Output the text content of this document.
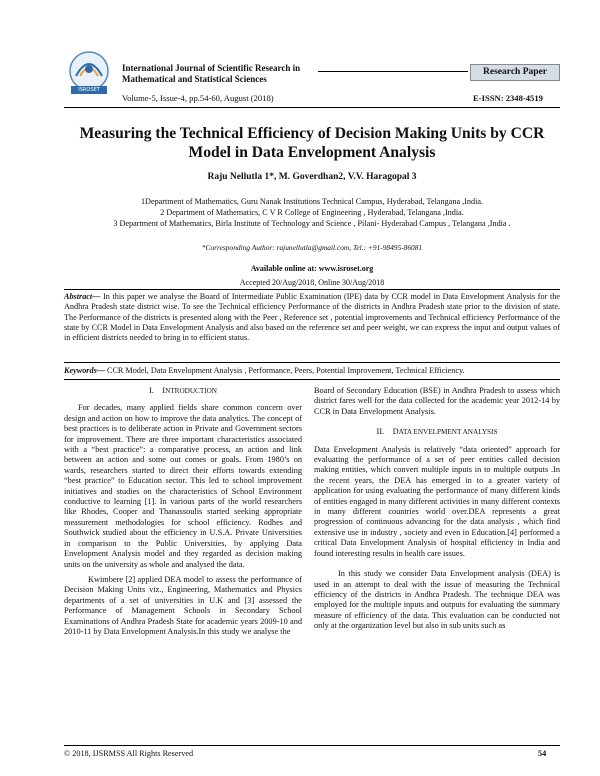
ISROSET
International Journal of Scientific Research in
Mathematical and Statistical Sciences
Research Paper
Volume-5, Issue-4, pp.54-60, August (2018)	E-ISSN: 2348-4519
Measuring the Technical Efficiency of Decision Making Units by CCR Model in Data Envelopment Analysis
Raju Nellutla 1*, M. Goverdhan2, V.V. Haragopal 3
1Department of Mathematics, Guru Nanak Institutions Technical Campus, Hyderabad, Telangana ,India.
2 Department of Mathematics, C V R College of Engineering , Hyderabad, Telangana ,India.
3 Department of Mathematics, Birla Institute of Technology and Science , Pilani- Hyderabad Campus , Telangana ,India .
*Corresponding Author: rajunellutla@gmail.com, Tel.: +91-98495-86081
Available online at: www.isroset.org
Accepted 20/Aug/2018, Online 30/Aug/2018
Abstract— In this paper we analyse the Board of Intermediate Public Examination (IPE) data by CCR model in Data Envelopment Analysis for the Andhra Pradesh state district wise. To see the Technical efficiency Performance of the districts in Andhra Pradesh state prior to the division of state. The Performance of the districts is presented along with the Peer , Reference set , potential improvements and Technical efficiency Performance of the state by CCR Model in Data Envelopment Analysis and also based on the reference set and peer weight, we can express the input and output values of in efficient districts needed to bring in to efficient status.
Keywords— CCR Model, Data Envelopment Analysis , Performance, Peers, Potential Improvement, Technical Efficiency.
I. INTRODUCTION

For decades, many applied fields share common concern over design and action on how to improve the data analytics. The concept of best practices is to deliberate action in Private and Government sectors for improvement. There are three important characteristics associated with a “best practice”: a comparative process, an action and link between an action and some out comes or goals. From 1980’s on wards, researchers started to direct their efforts towards extending “best practice” to Education sector. This led to school improvement initiatives and studies on the characteristics of School Environment conductive to learning [1]. In various parts of the world researchers like Rhodes, Cooper and Thanassoulis started seeking appropriate measurement methodologies for school efficiency. Rodhes and Southwick studied about the efficiency in U.S.A. Private Universities in comparison to the Public Universities, by applying Data Envelopment Analysis model and they regarded as decision making units on the university as whole and analysed the data.

Kwimbere [2] applied DEA model to assess the performance of Decision Making Units viz., Engineering, Mathematics and Physics departments of a set of universities in U.K and [3] assessed the Performance of Management Schools in Secondary School Examinations of Andhra Pradesh State for academic years 2009-10 and 2010-11 by Data Envelopment Analysis.In this study we analyse the

Board of Secondary Education (BSE) in Andhra Pradesh to assess which district fares well for the data collected for the academic year 2012-14 by CCR in Data Envelopment Analysis.

II. DATA ENVELPMENT ANALYSIS

Data Envelopment Analysis is relatively “data oriented” approach for evaluating the performance of a set of peer entities called decision making entities, which convert multiple inputs in to multiple outputs .In the recent years, the DEA has emerged in to a greater variety of application for using evaluating the performance of many different kinds of entities engaged in many different activities in many different contexts in many different countries world over.DEA represents a great progression of continuous advancing for the data analysis , which find extensive use in industry , society and even in Education.[4] performed a critical Data Envelopment Analysis of hospital efficiency in India and found interesting results in health care issues.

In this study we consider Data Envelopment analysis (DEA) is used in an attempt to deal with the issue of measuring the Technical efficiency of the districts in Andhra Pradesh. The technique DEA was employed for the multiple inputs and outputs for evaluating the summary measure of efficiency of the data. This evaluation can be conducted not only at the organization level but also in sub units such as

© 2018, IJSRMSS All Rights Reserved	54
